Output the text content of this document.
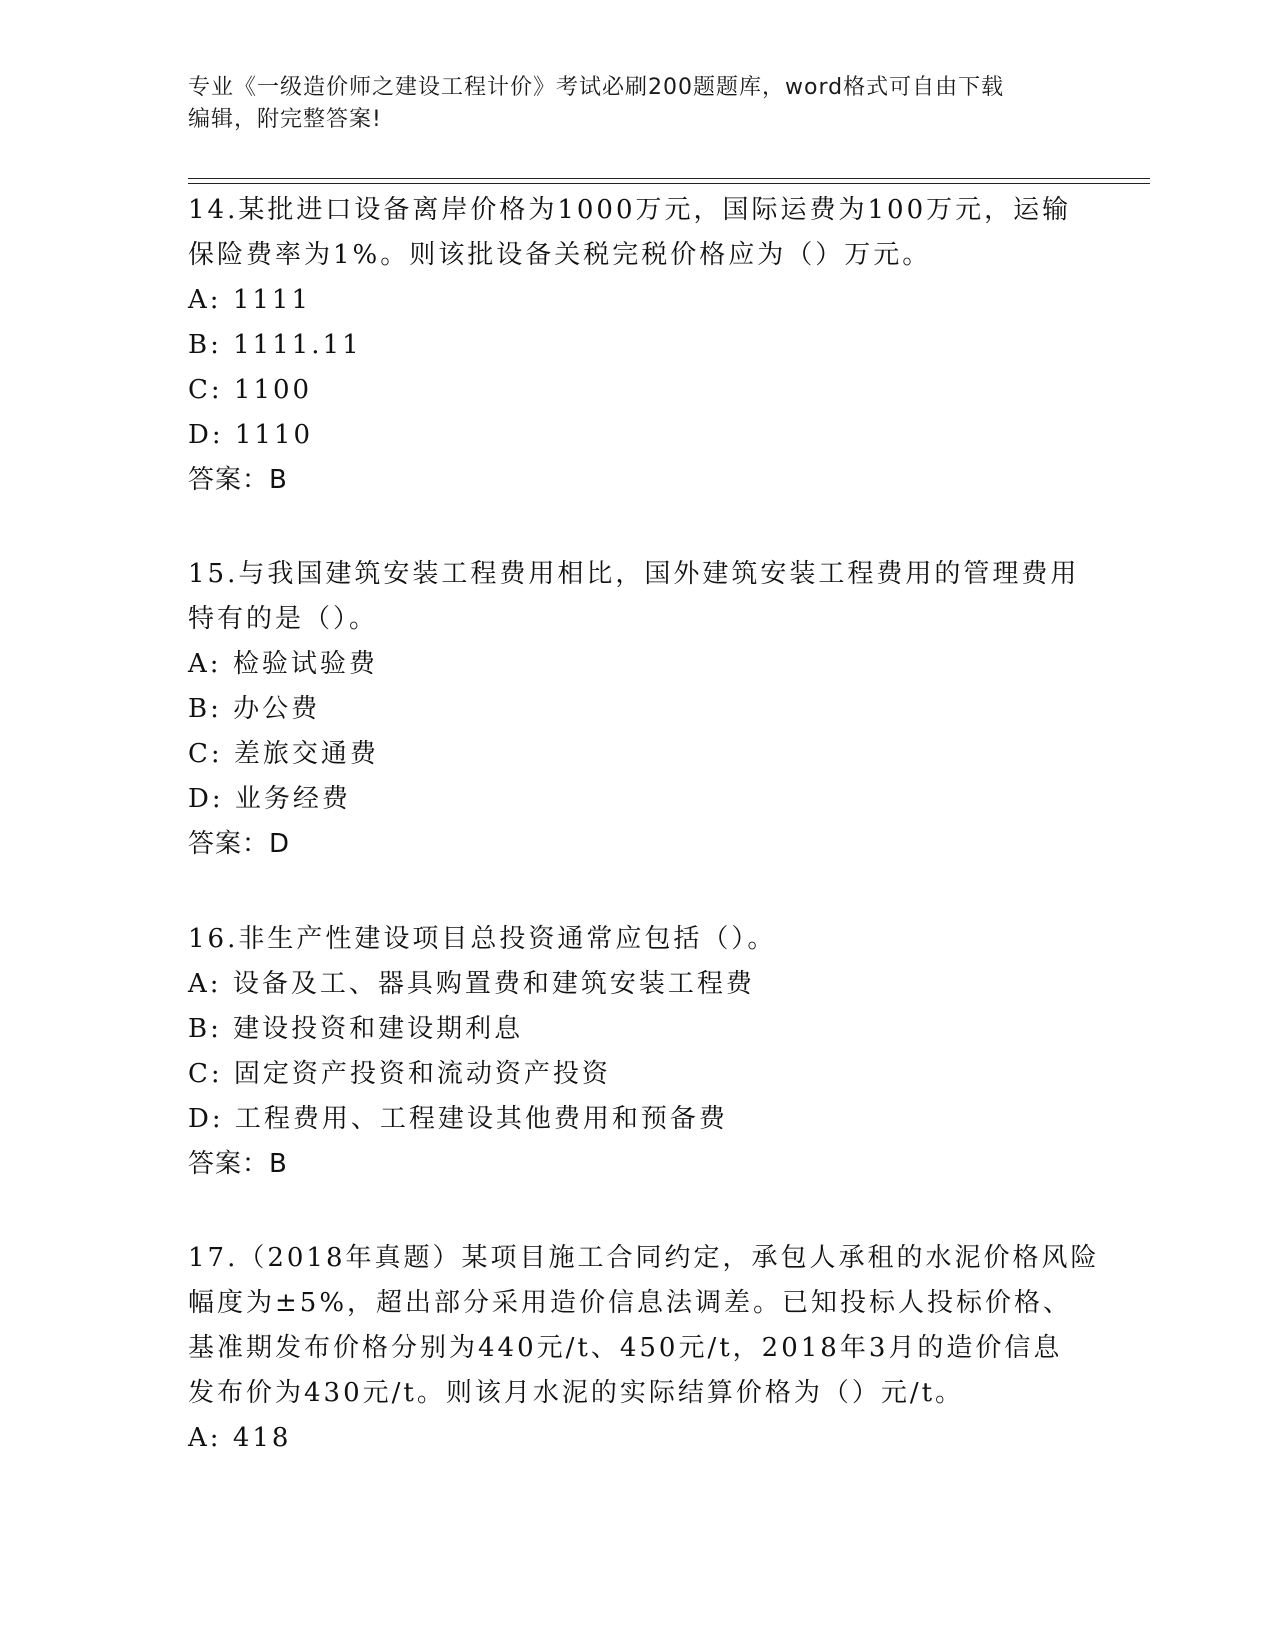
专业《一级造价师之建设工程计价》考试必刷200题题库，word格式可自由下载
编辑，附完整答案!
14.某批进口设备离岸价格为1000万元，国际运费为100万元，运输
保险费率为1%。则该批设备关税完税价格应为（）万元。
A: 1111
B: 1111.11
C: 1100
D: 1110
答案：B
15.与我国建筑安装工程费用相比，国外建筑安装工程费用的管理费用
特有的是（）。
A: 检验试验费
B: 办公费
C: 差旅交通费
D: 业务经费
答案：D
16.非生产性建设项目总投资通常应包括（）。
A: 设备及工、器具购置费和建筑安装工程费
B: 建设投资和建设期利息
C: 固定资产投资和流动资产投资
D: 工程费用、工程建设其他费用和预备费
答案：B
17.（2018年真题）某项目施工合同约定，承包人承租的水泥价格风险
幅度为±5%，超出部分采用造价信息法调差。已知投标人投标价格、
基准期发布价格分别为440元/t、450元/t，2018年3月的造价信息
发布价为430元/t。则该月水泥的实际结算价格为（）元/t。
A: 418
